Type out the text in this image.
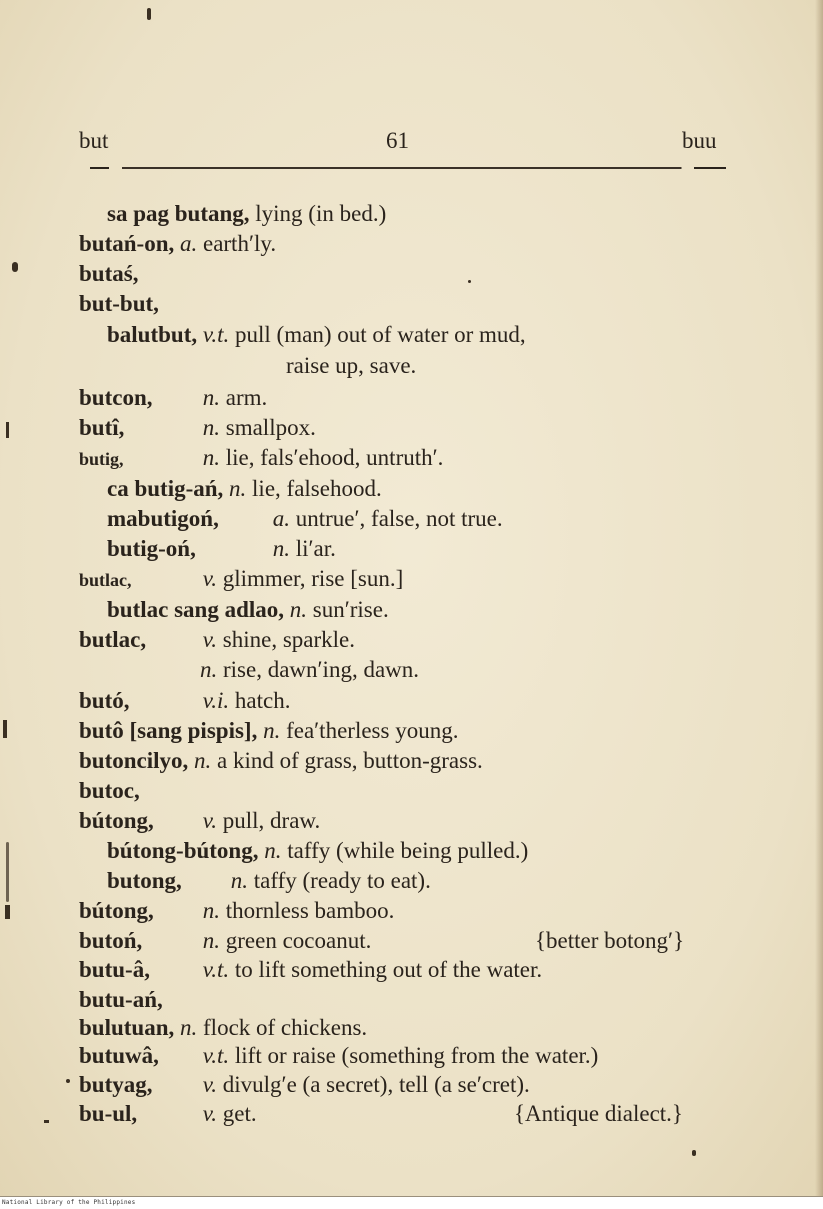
but	61	buu
sa pag butang, lying (in bed.)
butań-on, a. earth′ly.
butaś,
but-but,
balutbut, v.t. pull (man) out of water or mud,
raise up, save.
butcon, n. arm.
butî,	n. smallpox.
butig,	n. lie, fals′ehood, untruth′.
ca butig-ań, n. lie, falsehood.
mabutigoń, a. untrue′, false, not true.
butig-oń,	n. li′ar.
butlac,	v. glimmer, rise [sun.]
butlac sang adlao, n. sun′rise.
butlac, v. shine, sparkle.
n. rise, dawn′ing, dawn.
butó,	v.i. hatch.
butô [sang pispis], n. fea′therless young.
butoncilyo, n. a kind of grass, button-grass.
butoc,
bútong, v. pull, draw.
bútong-bútong, n. taffy (while being pulled.)
butong, n. taffy (ready to eat).
bútong, n. thornless bamboo.
butoń,	n. green cocoanut.	{better botong′}
butu-â, v.t. to lift something out of the water.
butu-ań,
bulutuan, n. flock of chickens.
butuwâ, v.t. lift or raise (something from the water.)
butyag, v. divulg′e (a secret), tell (a se′cret).
bu-ul,	v. get.	{Antique dialect.}
National Library of the Philippines
